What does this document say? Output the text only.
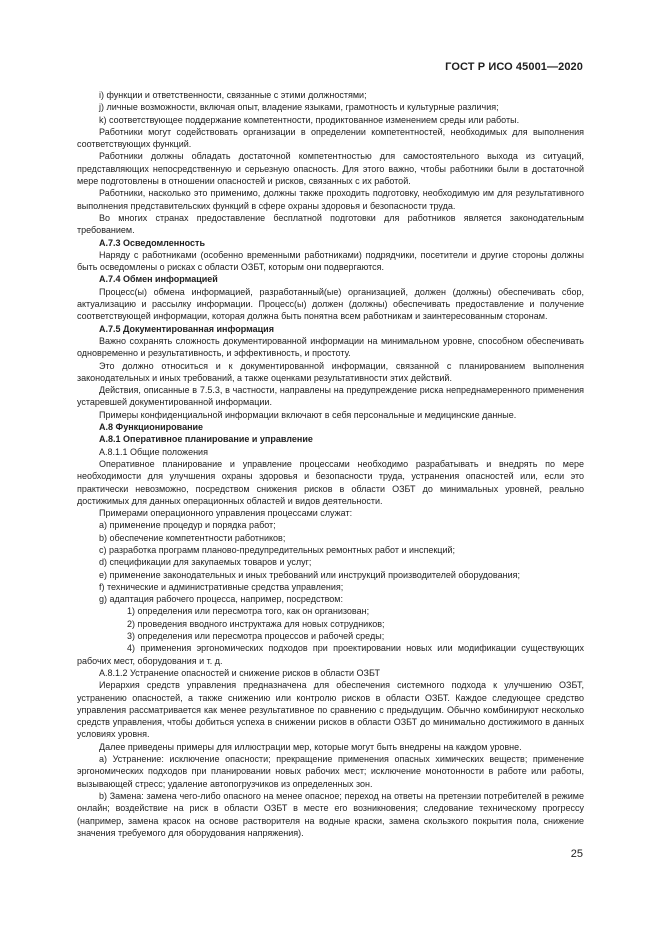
ГОСТ Р ИСО 45001—2020

i) функции и ответственности, связанные с этими должностями;

j) личные возможности, включая опыт, владение языками, грамотность и культурные различия;

k) соответствующее поддержание компетентности, продиктованное изменением среды или работы.

Работники могут содействовать организации в определении компетентностей, необходимых для выполнения соответствующих функций.

Работники должны обладать достаточной компетентностью для самостоятельного выхода из ситуаций, представляющих непосредственную и серьезную опасность. Для этого важно, чтобы работники были в достаточной мере подготовлены в отношении опасностей и рисков, связанных с их работой.

Работники, насколько это применимо, должны также проходить подготовку, необходимую им для результативного выполнения представительских функций в сфере охраны здоровья и безопасности труда.

Во многих странах предоставление бесплатной подготовки для работников является законодательным требованием.

А.7.3 Осведомленность

Наряду с работниками (особенно временными работниками) подрядчики, посетители и другие стороны должны быть осведомлены о рисках с области ОЗБТ, которым они подвергаются.

А.7.4 Обмен информацией

Процесс(ы) обмена информацией, разработанный(ые) организацией, должен (должны) обеспечивать сбор, актуализацию и рассылку информации. Процесс(ы) должен (должны) обеспечивать предоставление и получение соответствующей информации, которая должна быть понятна всем работникам и заинтересованным сторонам.

А.7.5 Документированная информация

Важно сохранять сложность документированной информации на минимальном уровне, способном обеспечивать одновременно и результативность, и эффективность, и простоту.

Это должно относиться и к документированной информации, связанной с планированием выполнения законодательных и иных требований, а также оценками результативности этих действий.

Действия, описанные в 7.5.3, в частности, направлены на предупреждение риска непреднамеренного применения устаревшей документированной информации.

Примеры конфиденциальной информации включают в себя персональные и медицинские данные.

А.8 Функционирование

А.8.1 Оперативное планирование и управление

А.8.1.1 Общие положения

Оперативное планирование и управление процессами необходимо разрабатывать и внедрять по мере необходимости для улучшения охраны здоровья и безопасности труда, устранения опасностей или, если это практически невозможно, посредством снижения рисков в области ОЗБТ до минимальных уровней, реально достижимых для данных операционных областей и видов деятельности.

Примерами операционного управления процессами служат:

a) применение процедур и порядка работ;

b) обеспечение компетентности работников;

c) разработка программ планово-предупредительных ремонтных работ и инспекций;

d) спецификации для закупаемых товаров и услуг;

e) применение законодательных и иных требований или инструкций производителей оборудования;

f) технические и административные средства управления;

g) адаптация рабочего процесса, например, посредством:

1) определения или пересмотра того, как он организован;

2) проведения вводного инструктажа для новых сотрудников;

3) определения или пересмотра процессов и рабочей среды;

4) применения эргономических подходов при проектировании новых или модификации существующих рабочих мест, оборудования и т. д.

А.8.1.2 Устранение опасностей и снижение рисков в области ОЗБТ

Иерархия средств управления предназначена для обеспечения системного подхода к улучшению ОЗБТ, устранению опасностей, а также снижению или контролю рисков в области ОЗБТ. Каждое следующее средство управления рассматривается как менее результативное по сравнению с предыдущим. Обычно комбинируют несколько средств управления, чтобы добиться успеха в снижении рисков в области ОЗБТ до минимально достижимого в данных условиях уровня.

Далее приведены примеры для иллюстрации мер, которые могут быть внедрены на каждом уровне.

a) Устранение: исключение опасности; прекращение применения опасных химических веществ; применение эргономических подходов при планировании новых рабочих мест; исключение монотонности в работе или работы, вызывающей стресс; удаление автопогрузчиков из определенных зон.

b) Замена: замена чего-либо опасного на менее опасное; переход на ответы на претензии потребителей в режиме онлайн; воздействие на риск в области ОЗБТ в месте его возникновения; следование техническому прогрессу (например, замена красок на основе растворителя на водные краски, замена скользкого покрытия пола, снижение значения требуемого для оборудования напряжения).

25
